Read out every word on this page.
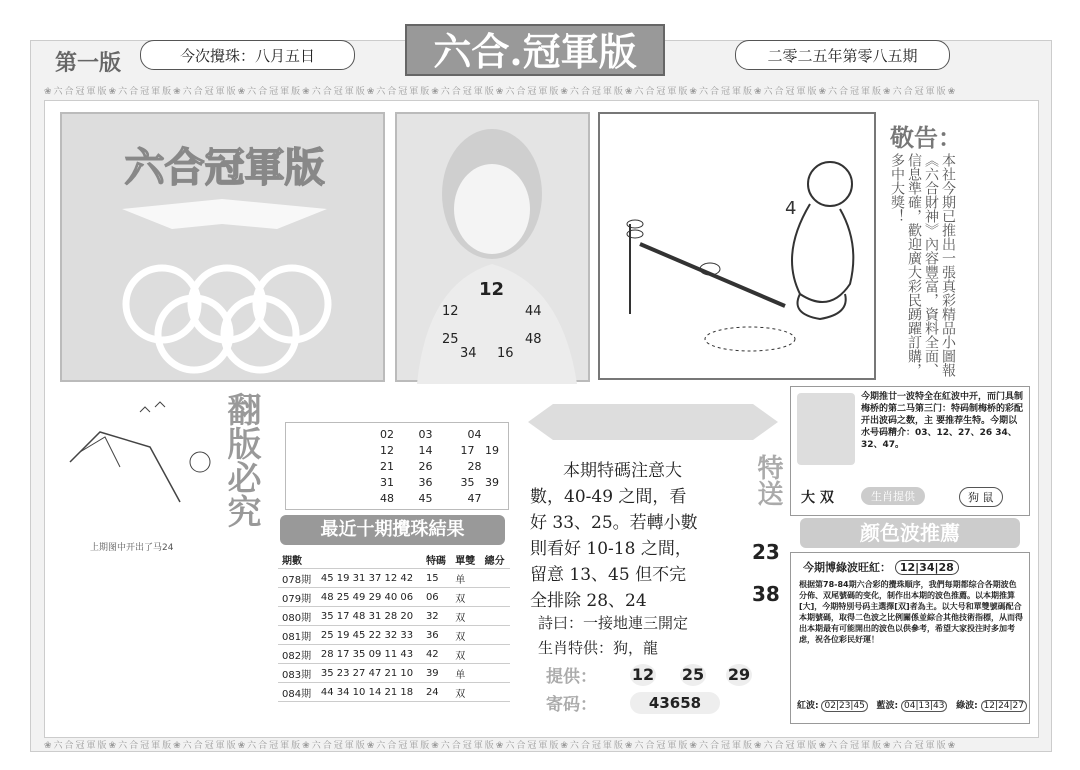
❀六合冠軍版❀六合冠軍版❀六合冠軍版❀六合冠軍版❀六合冠軍版❀六合冠軍版❀六合冠軍版❀六合冠軍版❀六合冠軍版❀六合冠軍版❀六合冠軍版❀六合冠軍版❀六合冠軍版❀六合冠軍版❀
❀六合冠軍版❀六合冠軍版❀六合冠軍版❀六合冠軍版❀六合冠軍版❀六合冠軍版❀六合冠軍版❀六合冠軍版❀六合冠軍版❀六合冠軍版❀六合冠軍版❀六合冠軍版❀六合冠軍版❀六合冠軍版❀
第一版	今次攪珠：八月五日	六合.冠軍版	二零二五年第零八五期
六合冠軍版
12
12	44
25	48
34 16
4
敬告：
本社今期已推出一張真彩精品小圖報《六合財神》內容豐富，資料全面、信息準確，歡迎廣大彩民踴躍訂購，多中大獎！
上期图中开出了马24
翻版必究	02 03	04
12 14	17 19
21 26	28
31 36	35 39
48 45	47
最近十期攪珠結果
期數		特碼	單雙	總分
078期	45 19 31 37 12 42	15	单	
079期	48 25 49 29 40 06	06	双	
080期	35 17 48 31 28 20	32	双	
081期	25 19 45 22 32 33	36	双	
082期	28 17 35 09 11 43	42	双	
083期	35 23 27 47 21 10	39	单	
084期	44 34 10 14 21 18	24	双	
本期特碼注意大
數，40-49 之間，看
好 33、25。若轉小數
則看好 10-18 之間，
留意 13、45 但不完
全排除 28、24
詩曰：一接地連三開定
生肖特供：狗，龍
特送
23
38
提供： 12 25 29
寄码：	43658
今期推廿一波特全在紅波中开，而门具制梅桥的第二马第三门：特码制梅桥的彩配开出波码之数，主 要推荐生特。今期以水号码精介：03、12、27、26 34、32、47。
大 双	生肖提供	狗 鼠
颜色波推薦
今期博綠波旺紅： 12|34|28
根据第78-84期六合彩的攪珠順序，我們每期都综合各期波色分佈、双尾號碼的变化，制作出本期的波色推薦。以本期推算[大]，今期特別号码主選擇[双]者為主。以大号和單雙號碼配合本期號碼，取得二色波之比例關係並綜合其他技術指標，从而得出本期最有可能開出的波色以供參考，希望大家投注时多加考虑，祝各位彩民好運！
紅波: 02|23|45	藍波: 04|13|43	綠波: 12|24|27
